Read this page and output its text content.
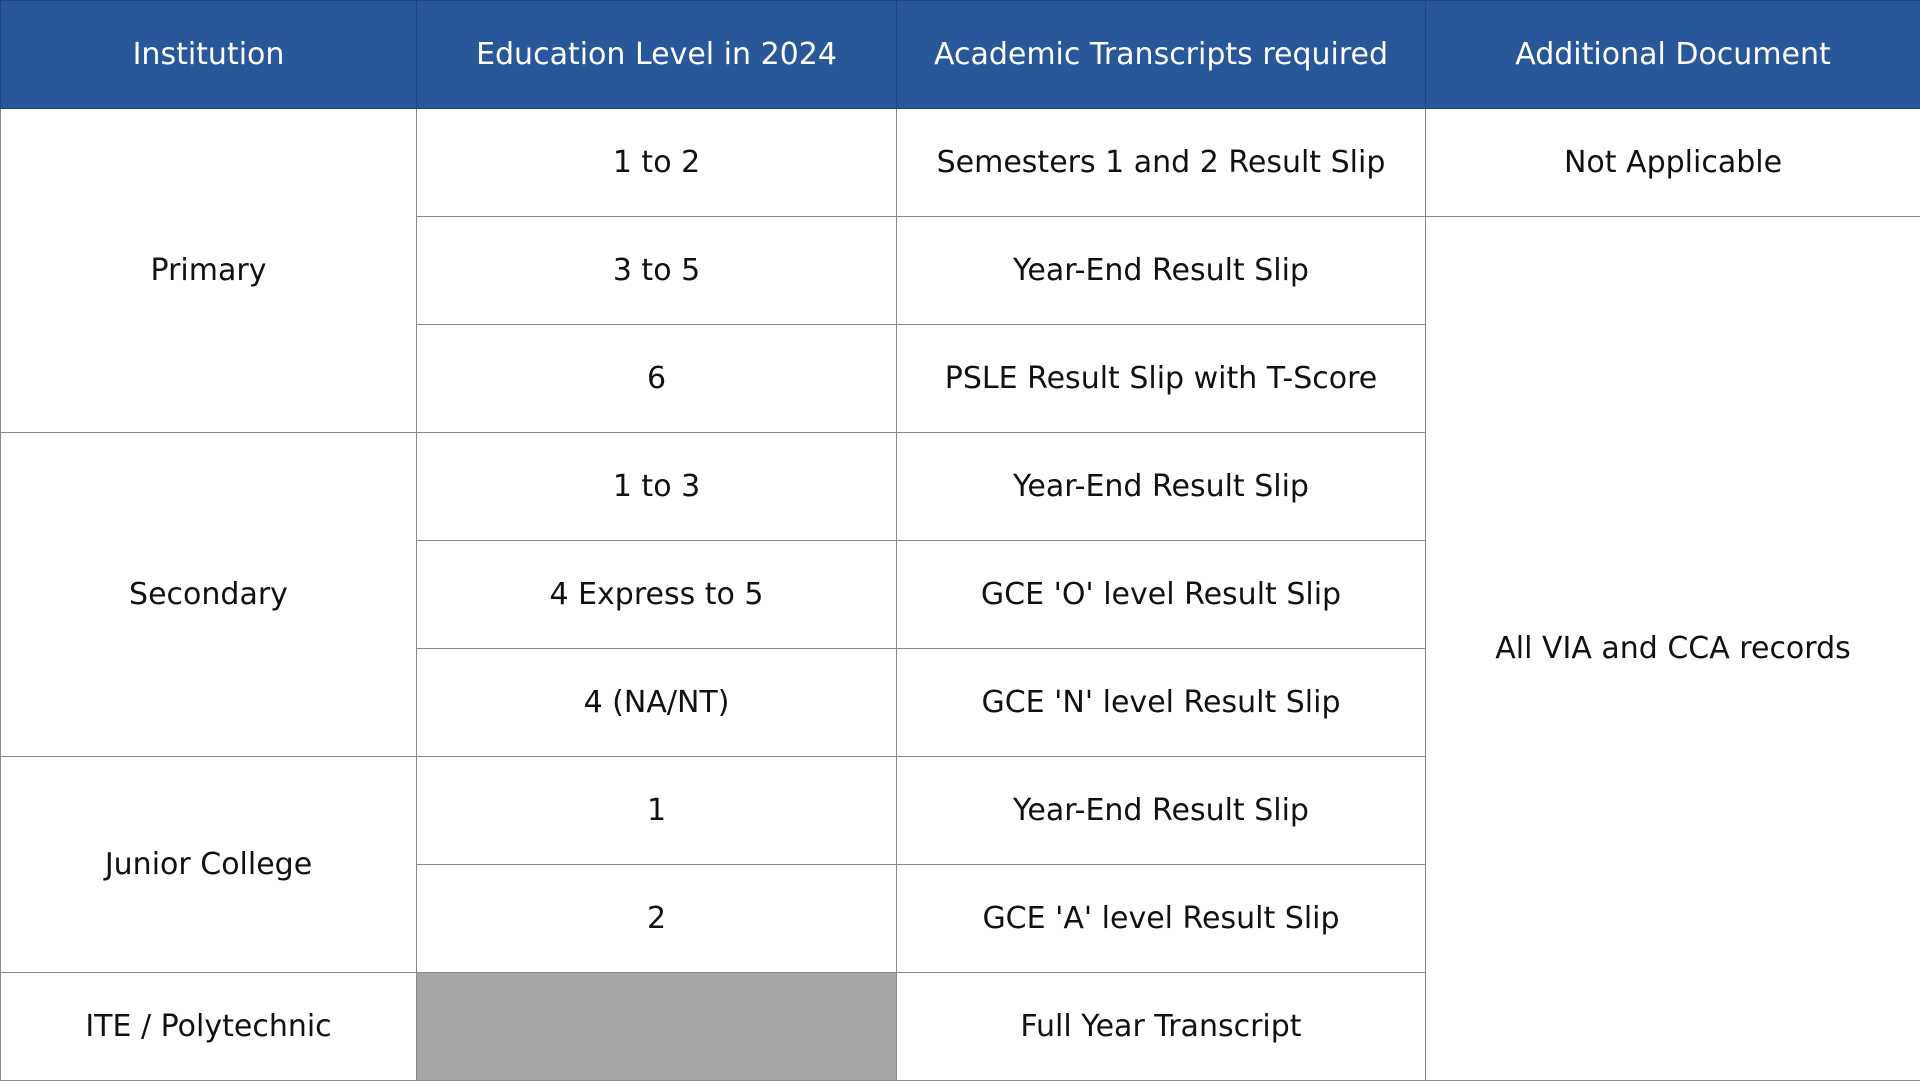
Institution	Education Level in 2024	Academic Transcripts required	Additional Document
Primary	1 to 2	Semesters 1 and 2 Result Slip	Not Applicable
	3 to 5	Year-End Result Slip	All VIA and CCA records
	6	PSLE Result Slip with T-Score	
Secondary	1 to 3	Year-End Result Slip	
	4 Express to 5	GCE 'O' level Result Slip	
	4 (NA/NT)	GCE 'N' level Result Slip	
Junior College	1	Year-End Result Slip	
	2	GCE 'A' level Result Slip	
ITE / Polytechnic		Full Year Transcript	
